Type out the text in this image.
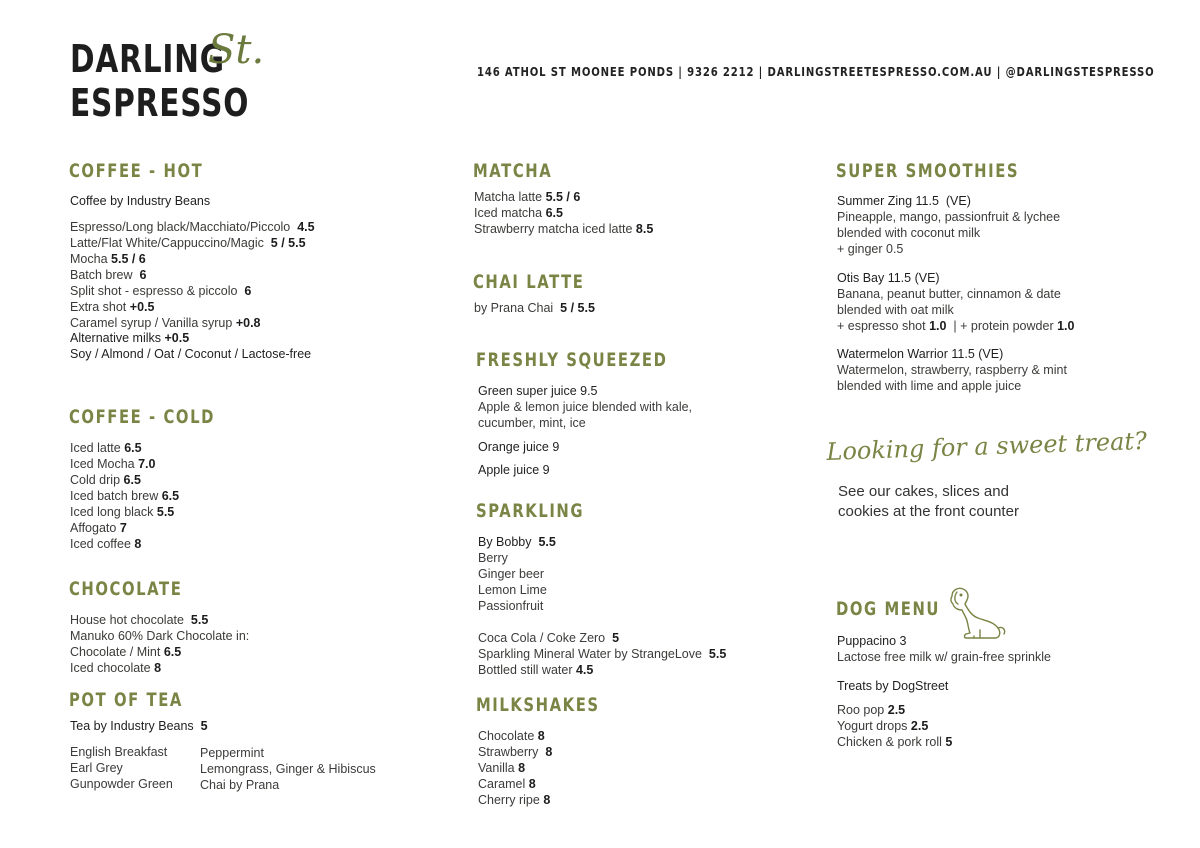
DARLING
St.
ESPRESSO
146 ATHOL ST MOONEE PONDS | 9326 2212 | DARLINGSTREETESPRESSO.COM.AU | @DARLINGSTESPRESSO
COFFEE - HOT
Coffee by Industry Beans
Espresso/Long black/Macchiato/Piccolo 4.5
Latte/Flat White/Cappuccino/Magic 5 / 5.5
Mocha 5.5 / 6
Batch brew 6
Split shot - espresso & piccolo 6
Extra shot +0.5
Caramel syrup / Vanilla syrup +0.8
Alternative milks +0.5
Soy / Almond / Oat / Coconut / Lactose-free
COFFEE - COLD
Iced latte 6.5
Iced Mocha 7.0
Cold drip 6.5
Iced batch brew 6.5
Iced long black 5.5
Affogato 7
Iced coffee 8
CHOCOLATE
House hot chocolate 5.5
Manuko 60% Dark Chocolate in:
Chocolate / Mint 6.5
Iced chocolate 8
POT OF TEA
Tea by Industry Beans 5
English Breakfast
Earl Grey
Gunpowder Green
Peppermint
Lemongrass, Ginger & Hibiscus
Chai by Prana
MATCHA
Matcha latte 5.5 / 6
Iced matcha 6.5
Strawberry matcha iced latte 8.5
CHAI LATTE
by Prana Chai 5 / 5.5
FRESHLY SQUEEZED
Green super juice 9.5
Apple & lemon juice blended with kale,
cucumber, mint, ice
Orange juice 9
Apple juice 9
SPARKLING
By Bobby 5.5
Berry
Ginger beer
Lemon Lime
Passionfruit
Coca Cola / Coke Zero 5
Sparkling Mineral Water by StrangeLove 5.5
Bottled still water 4.5
MILKSHAKES
Chocolate 8
Strawberry 8
Vanilla 8
Caramel 8
Cherry ripe 8
SUPER SMOOTHIES
Summer Zing 11.5 (VE)
Pineapple, mango, passionfruit & lychee
blended with coconut milk
+ ginger 0.5
Otis Bay 11.5 (VE)
Banana, peanut butter, cinnamon & date
blended with oat milk
+ espresso shot 1.0 | + protein powder 1.0
Watermelon Warrior 11.5 (VE)
Watermelon, strawberry, raspberry & mint
blended with lime and apple juice
Looking for a sweet treat?
See our cakes, slices and
cookies at the front counter
DOG MENU
Puppacino 3
Lactose free milk w/ grain-free sprinkle
Treats by DogStreet
Roo pop 2.5
Yogurt drops 2.5
Chicken & pork roll 5
